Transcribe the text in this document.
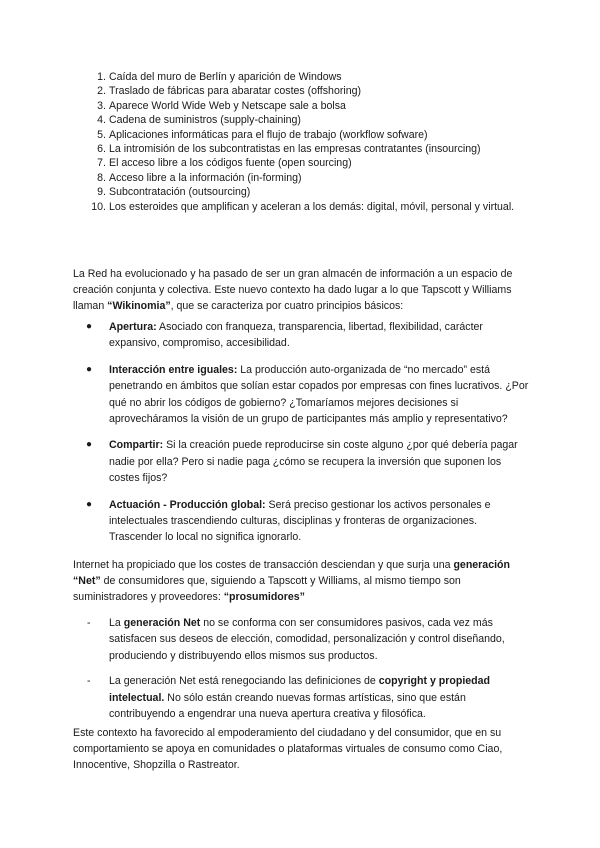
1. Caída del muro de Berlín y aparición de Windows
2. Traslado de fábricas para abaratar costes (offshoring)
3. Aparece World Wide Web y Netscape sale a bolsa
4. Cadena de suministros (supply-chaining)
5. Aplicaciones informáticas para el flujo de trabajo (workflow sofware)
6. La intromisión de los subcontratistas en las empresas contratantes (insourcing)
7. El acceso libre a los códigos fuente (open sourcing)
8. Acceso libre a la información (in-forming)
9. Subcontratación (outsourcing)
10. Los esteroides que amplifican y aceleran a los demás: digital, móvil, personal y virtual.

La Red ha evolucionado y ha pasado de ser un gran almacén de información a un espacio de creación conjunta y colectiva. Este nuevo contexto ha dado lugar a lo que Tapscott y Williams llaman “Wikinomia”, que se caracteriza por cuatro principios básicos:

● Apertura: Asociado con franqueza, transparencia, libertad, flexibilidad, carácter expansivo, compromiso, accesibilidad.
● Interacción entre iguales: La producción auto-organizada de “no mercado” está penetrando en ámbitos que solían estar copados por empresas con fines lucrativos. ¿Por qué no abrir los códigos de gobierno? ¿Tomaríamos mejores decisiones si aprovecháramos la visión de un grupo de participantes más amplio y representativo?
● Compartir: Si la creación puede reproducirse sin coste alguno ¿por qué debería pagar nadie por ella? Pero si nadie paga ¿cómo se recupera la inversión que suponen los costes fijos?
● Actuación - Producción global: Será preciso gestionar los activos personales e intelectuales trascendiendo culturas, disciplinas y fronteras de organizaciones. Trascender lo local no significa ignorarlo.

Internet ha propiciado que los costes de transacción desciendan y que surja una generación “Net” de consumidores que, siguiendo a Tapscott y Williams, al mismo tiempo son suministradores y proveedores: “prosumidores”

- La generación Net no se conforma con ser consumidores pasivos, cada vez más satisfacen sus deseos de elección, comodidad, personalización y control diseñando, produciendo y distribuyendo ellos mismos sus productos.
- La generación Net está renegociando las definiciones de copyright y propiedad intelectual. No sólo están creando nuevas formas artísticas, sino que están contribuyendo a engendrar una nueva apertura creativa y filosófica.

Este contexto ha favorecido al empoderamiento del ciudadano y del consumidor, que en su comportamiento se apoya en comunidades o plataformas virtuales de consumo como Ciao, Innocentive, Shopzilla o Rastreator.
